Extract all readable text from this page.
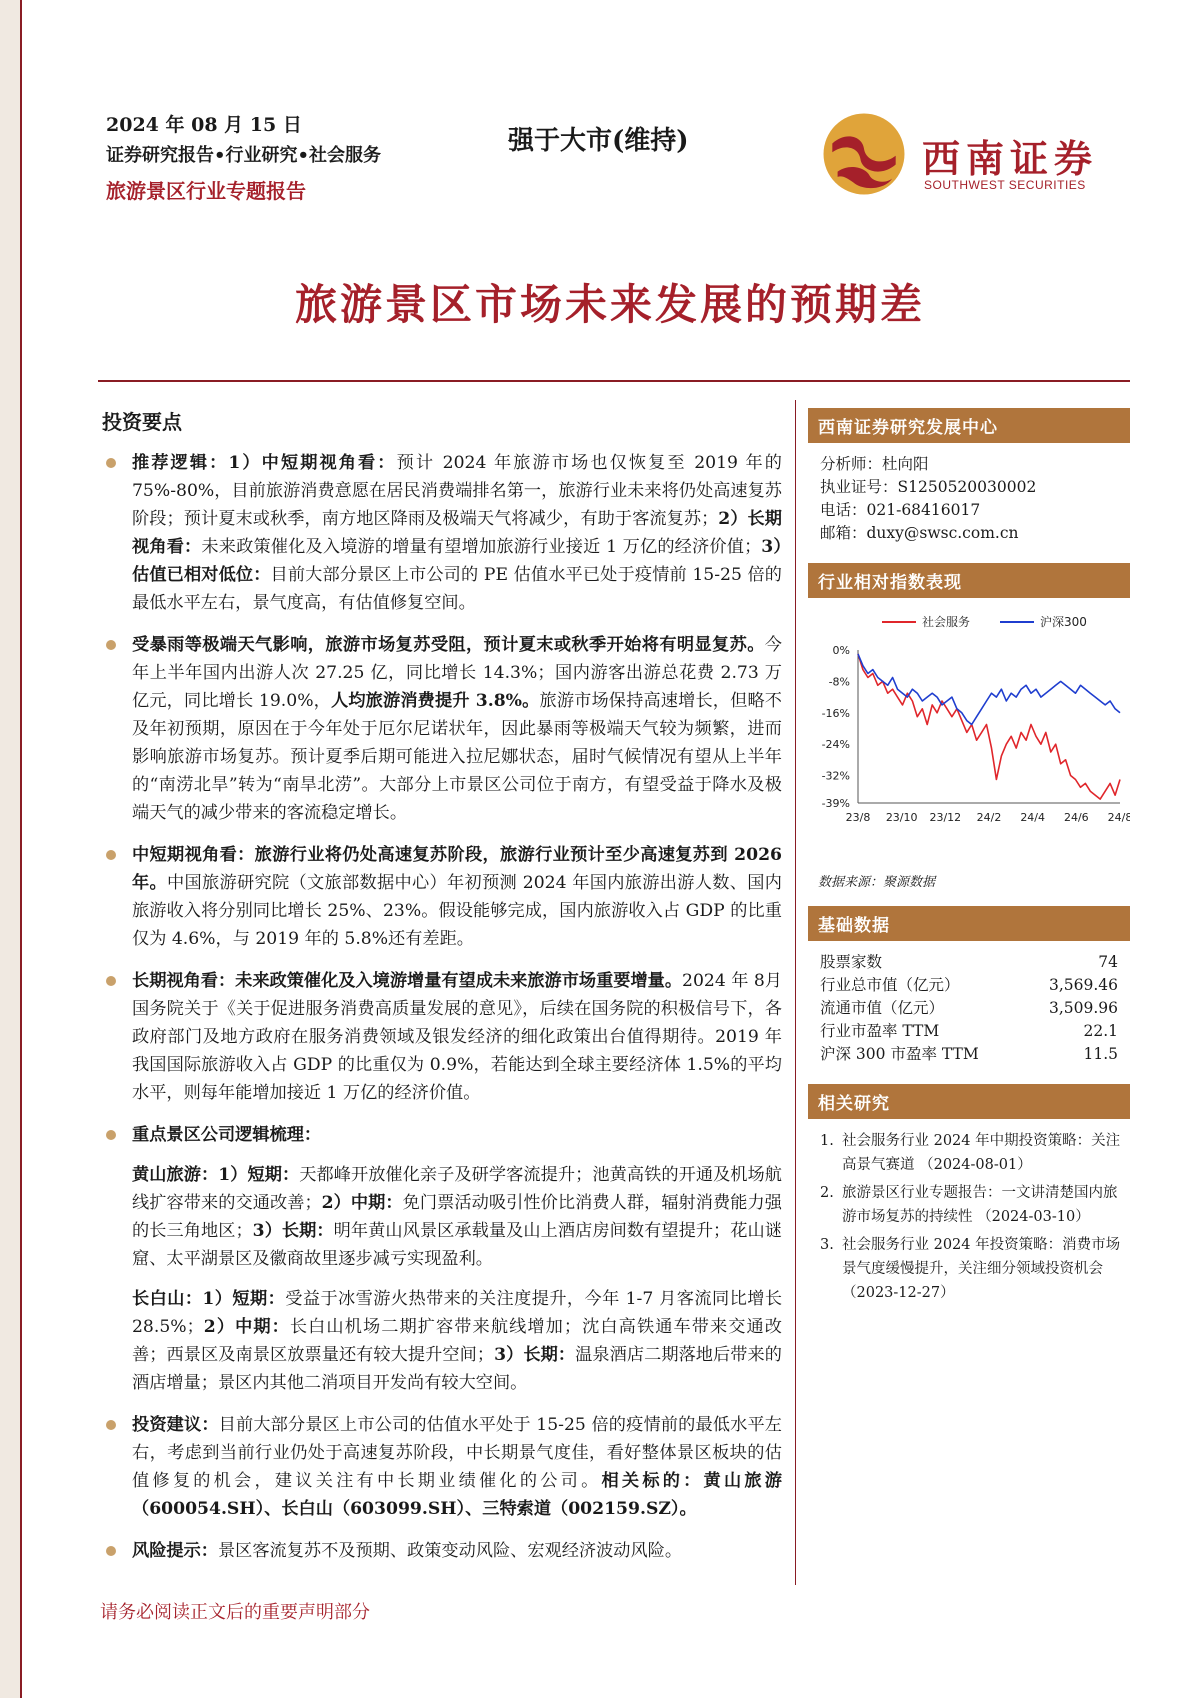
2024 年 08 月 15 日
证券研究报告•行业研究•社会服务
旅游景区行业专题报告
强于大市(维持)	西南证券
SOUTHWEST SECURITIES
旅游景区市场未来发展的预期差
投资要点
推荐逻辑：1）中短期视角看：预计 2024 年旅游市场也仅恢复至 2019 年的 75%-80%，目前旅游消费意愿在居民消费端排名第一，旅游行业未来将仍处高速复苏阶段；预计夏末或秋季，南方地区降雨及极端天气将减少，有助于客流复苏；2）长期视角看：未来政策催化及入境游的增量有望增加旅游行业接近 1 万亿的经济价值；3）估值已相对低位：目前大部分景区上市公司的 PE 估值水平已处于疫情前 15-25 倍的最低水平左右，景气度高，有估值修复空间。
受暴雨等极端天气影响，旅游市场复苏受阻，预计夏末或秋季开始将有明显复苏。今年上半年国内出游人次 27.25 亿，同比增长 14.3%；国内游客出游总花费 2.73 万亿元，同比增长 19.0%，人均旅游消费提升 3.8%。旅游市场保持高速增长，但略不及年初预期，原因在于今年处于厄尔尼诺状年，因此暴雨等极端天气较为频繁，进而影响旅游市场复苏。预计夏季后期可能进入拉尼娜状态，届时气候情况有望从上半年的“南涝北旱”转为“南旱北涝”。大部分上市景区公司位于南方，有望受益于降水及极端天气的减少带来的客流稳定增长。
中短期视角看：旅游行业将仍处高速复苏阶段，旅游行业预计至少高速复苏到 2026 年。中国旅游研究院（文旅部数据中心）年初预测 2024 年国内旅游出游人数、国内旅游收入将分别同比增长 25%、23%。假设能够完成，国内旅游收入占 GDP 的比重仅为 4.6%，与 2019 年的 5.8%还有差距。
长期视角看：未来政策催化及入境游增量有望成未来旅游市场重要增量。2024 年 8月国务院关于《关于促进服务消费高质量发展的意见》，后续在国务院的积极信号下，各政府部门及地方政府在服务消费领域及银发经济的细化政策出台值得期待。2019 年我国国际旅游收入占 GDP 的比重仅为 0.9%，若能达到全球主要经济体 1.5%的平均水平，则每年能增加接近 1 万亿的经济价值。
重点景区公司逻辑梳理：
黄山旅游：1）短期：天都峰开放催化亲子及研学客流提升；池黄高铁的开通及机场航线扩容带来的交通改善；2）中期：免门票活动吸引性价比消费人群，辐射消费能力强的长三角地区；3）长期：明年黄山风景区承载量及山上酒店房间数有望提升；花山谜窟、太平湖景区及徽商故里逐步减亏实现盈利。
长白山：1）短期：受益于冰雪游火热带来的关注度提升，今年 1-7 月客流同比增长 28.5%；2）中期：长白山机场二期扩容带来航线增加；沈白高铁通车带来交通改善；西景区及南景区放票量还有较大提升空间；3）长期：温泉酒店二期落地后带来的酒店增量；景区内其他二消项目开发尚有较大空间。
投资建议：目前大部分景区上市公司的估值水平处于 15-25 倍的疫情前的最低水平左右，考虑到当前行业仍处于高速复苏阶段，中长期景气度佳，看好整体景区板块的估值修复的机会，建议关注有中长期业绩催化的公司。相关标的：黄山旅游（600054.SH）、长白山（603099.SH）、三特索道（002159.SZ）。
风险提示：景区客流复苏不及预期、政策变动风险、宏观经济波动风险。
西南证券研究发展中心
分析师：杜向阳
执业证号：S1250520030002
电话：021-68416017
邮箱：duxy@swsc.com.cn
行业相对指数表现
社会服务	沪深300
0%
-8%
-16%
-24%
-32%
-39%
23/8 23/10 23/12 24/2 24/4 24/6 24/8
数据来源：聚源数据
基础数据
股票家数	74
行业总市值（亿元）	3,569.46
流通市值（亿元）	3,509.96
行业市盈率 TTM	22.1
沪深 300 市盈率 TTM	11.5
相关研究
1. 社会服务行业 2024 年中期投资策略：关注高景气赛道 （2024-08-01）
2. 旅游景区行业专题报告：一文讲清楚国内旅游市场复苏的持续性 （2024-03-10）
3. 社会服务行业 2024 年投资策略：消费市场景气度缓慢提升，关注细分领域投资机会 （2023-12-27）
请务必阅读正文后的重要声明部分
